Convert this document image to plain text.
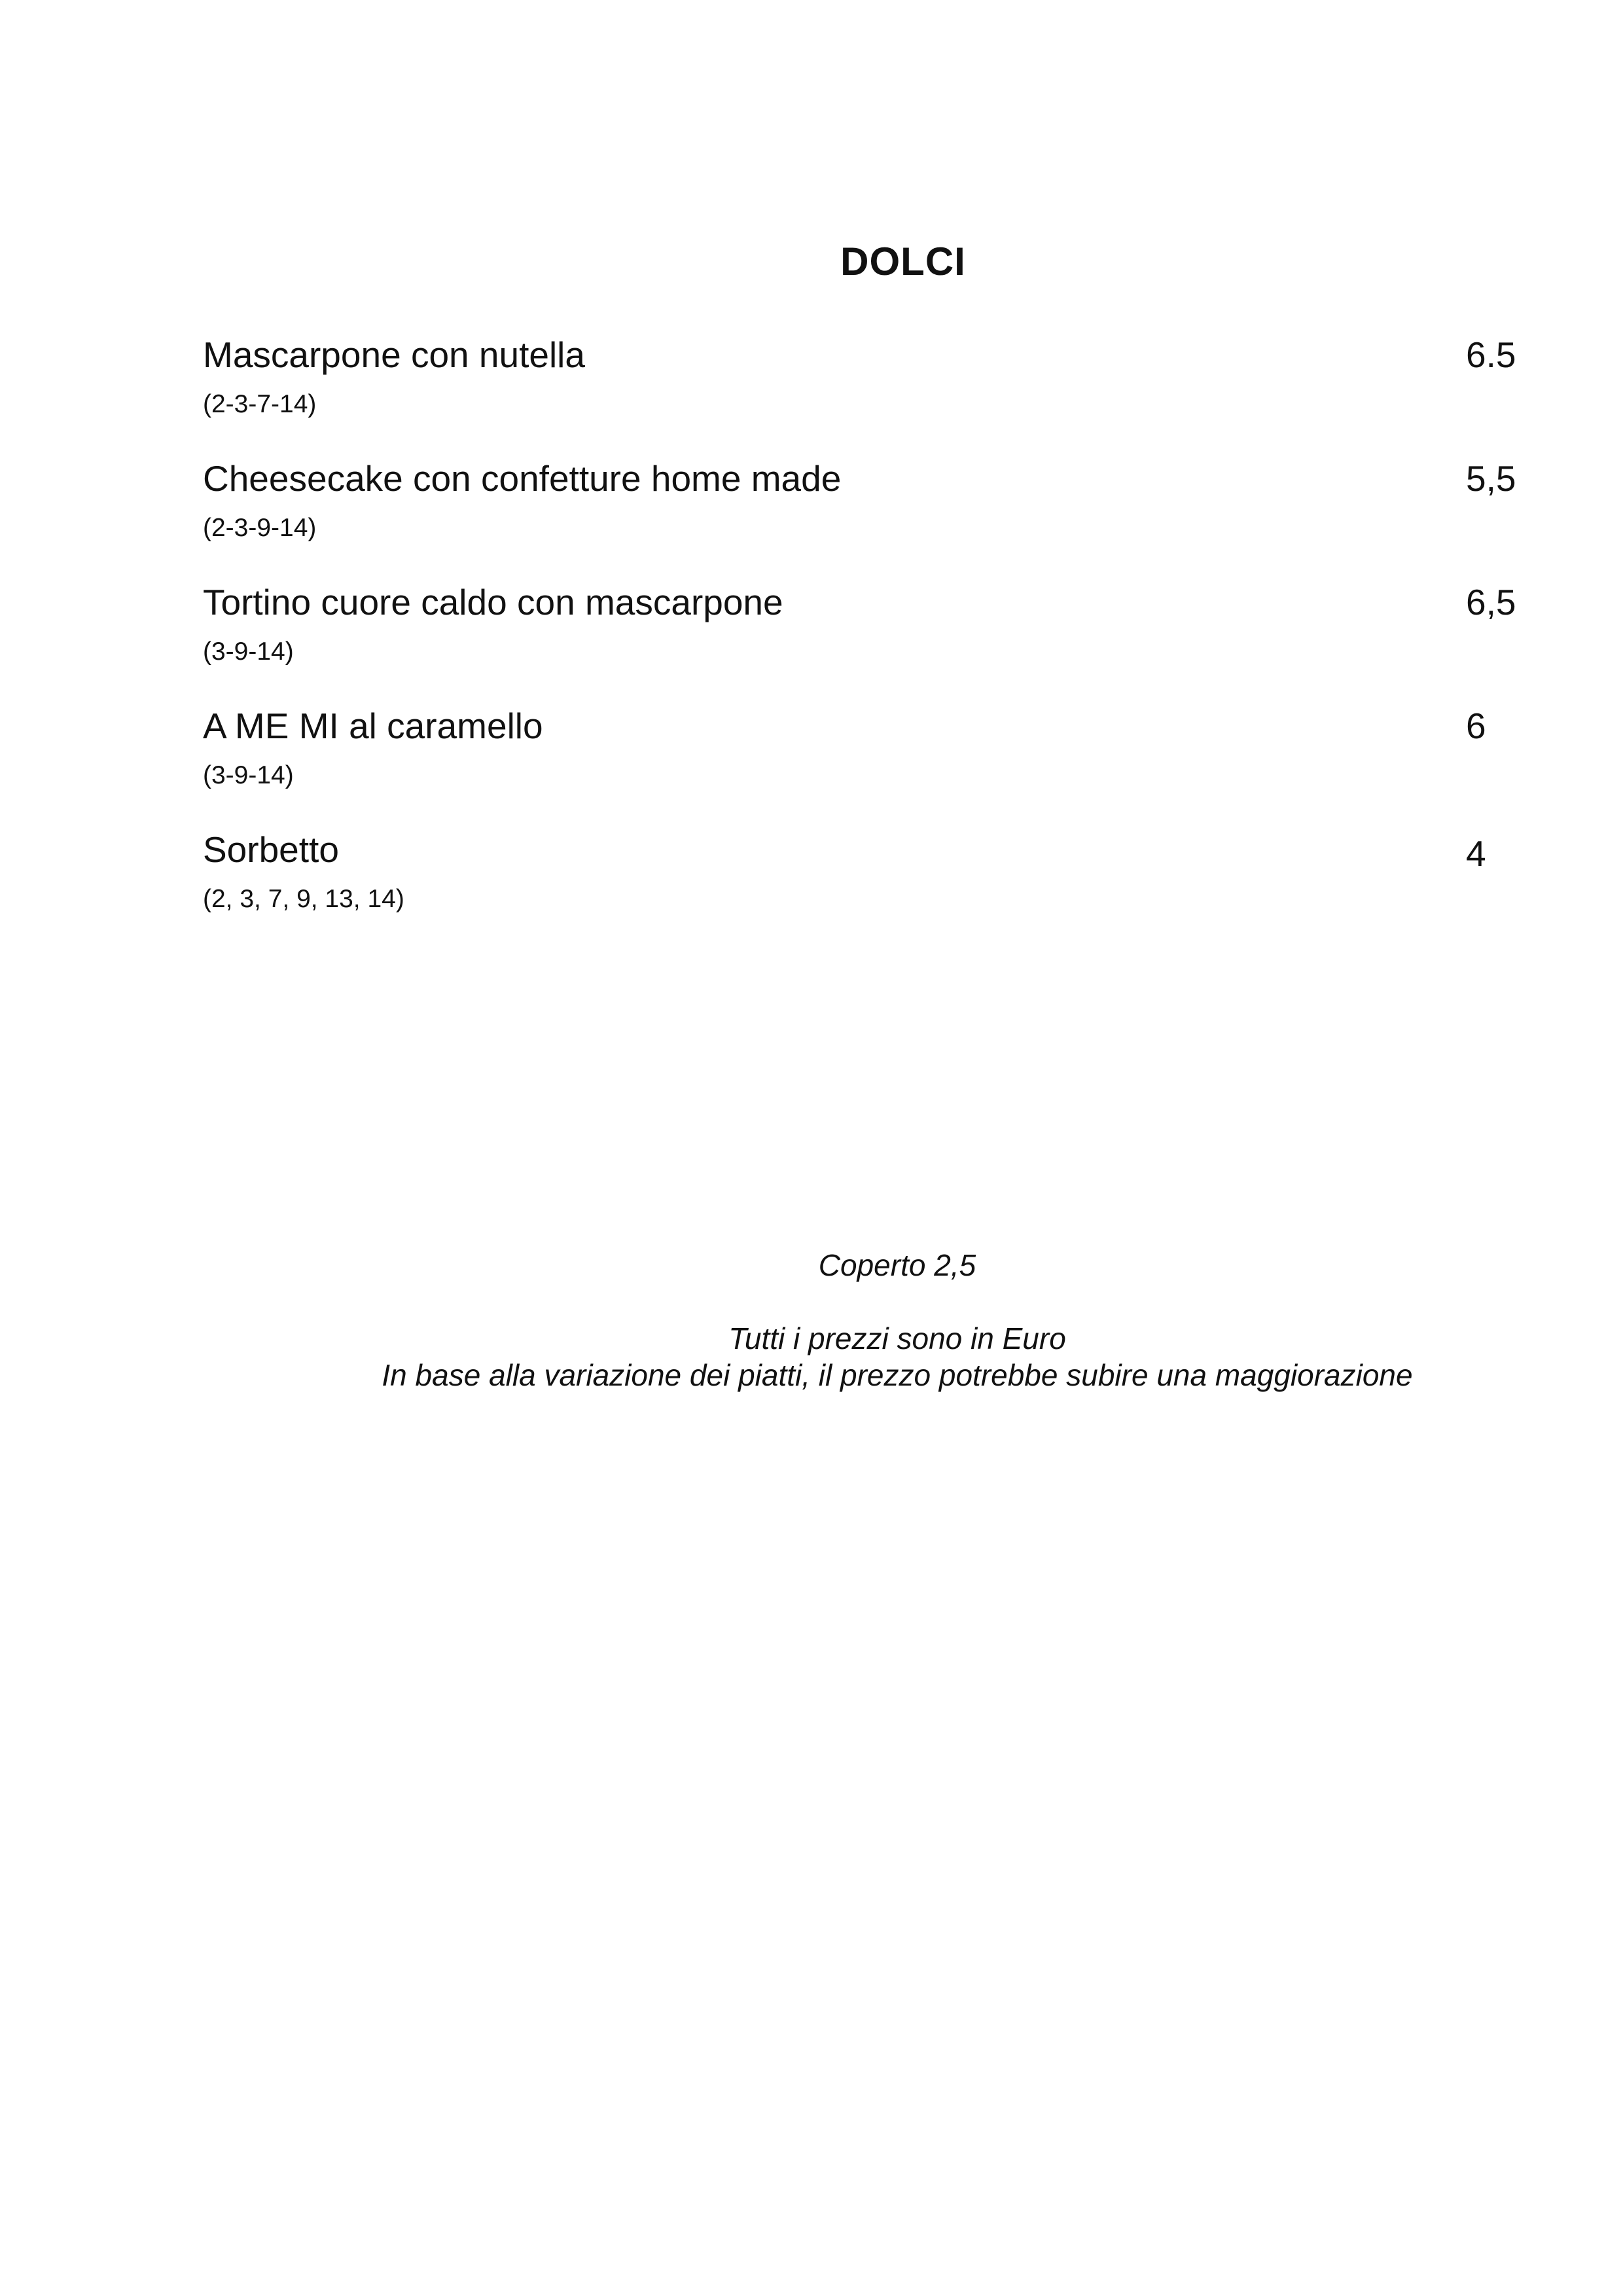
DOLCI
Mascarpone con nutella
(2-3-7-14)
6.5
Cheesecake con confetture home made
(2-3-9-14)
5,5
Tortino cuore caldo con mascarpone
(3-9-14)
6,5
A ME MI al caramello
(3-9-14)
6
Sorbetto
(2, 3, 7, 9, 13, 14)
4

Coperto 2,5

Tutti i prezzi sono in Euro

In base alla variazione dei piatti, il prezzo potrebbe subire una maggiorazione
